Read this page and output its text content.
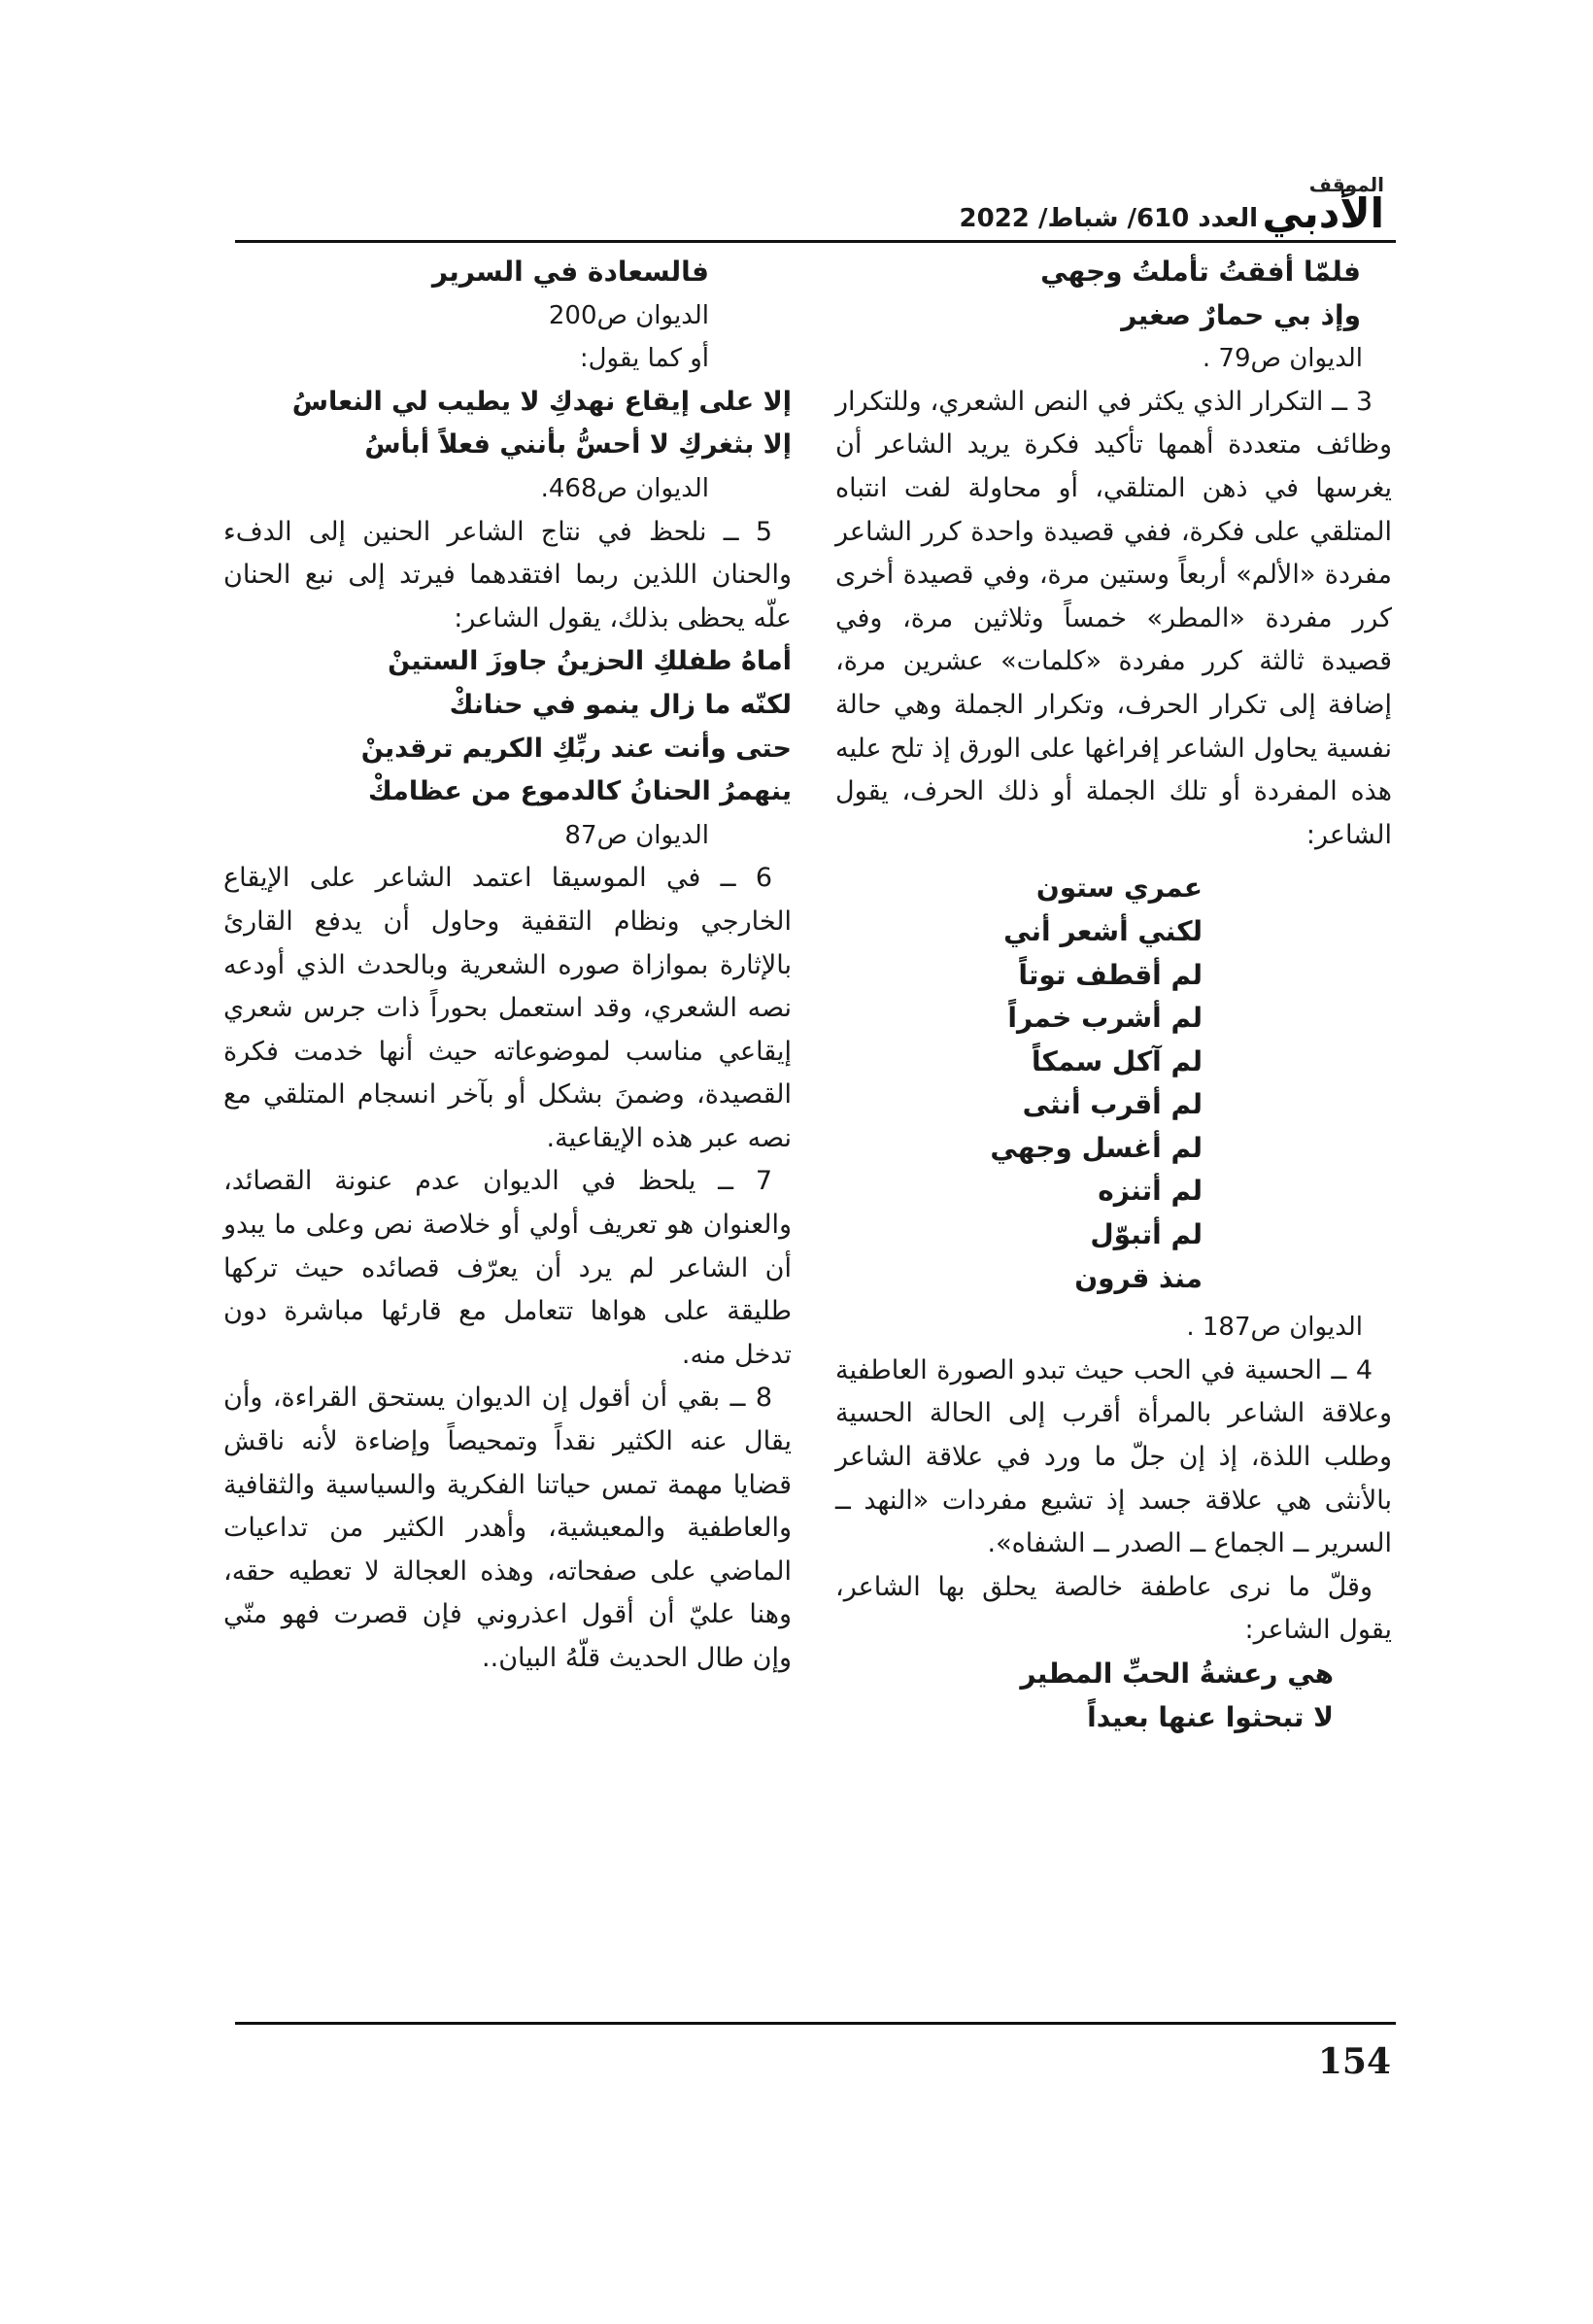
الموقف
الأدبي
العدد 610/ شباط/ 2022

فلمّا أفقتُ تأملتُ وجهي

وإذ بي حمارٌ صغير

الديوان ص79 .

3 ــ التكرار الذي يكثر في النص الشعري، وللتكرار وظائف متعددة أهمها تأكيد فكرة يريد الشاعر أن يغرسها في ذهن المتلقي، أو محاولة لفت انتباه المتلقي على فكرة، ففي قصيدة واحدة كرر الشاعر مفردة «الألم» أربعاً وستين مرة، وفي قصيدة أخرى كرر مفردة «المطر» خمساً وثلاثين مرة، وفي قصيدة ثالثة كرر مفردة «كلمات» عشرين مرة، إضافة إلى تكرار الحرف، وتكرار الجملة وهي حالة نفسية يحاول الشاعر إفراغها على الورق إذ تلح عليه هذه المفردة أو تلك الجملة أو ذلك الحرف، يقول الشاعر:

عمري ستون

لكني أشعر أني

لم أقطف توتاً

لم أشرب خمراً

لم آكل سمكاً

لم أقرب أنثى

لم أغسل وجهي

لم أتنزه

لم أتبوّل

منذ قرون

الديوان ص187 .

4 ــ الحسية في الحب حيث تبدو الصورة العاطفية وعلاقة الشاعر بالمرأة أقرب إلى الحالة الحسية وطلب اللذة، إذ إن جلّ ما ورد في علاقة الشاعر بالأنثى هي علاقة جسد إذ تشيع مفردات «النهد ــ السرير ــ الجماع ــ الصدر ــ الشفاه».

وقلّ ما نرى عاطفة خالصة يحلق بها الشاعر، يقول الشاعر:

هي رعشةُ الحبِّ المطير

لا تبحثوا عنها بعيداً

فالسعادة في السرير

الديوان ص200

أو كما يقول:

إلا على إيقاع نهدكِ لا يطيب لي النعاسُ

إلا بثغركِ لا أحسُّ بأنني فعلاً أبأسُ

الديوان ص468.

5 ــ نلحظ في نتاج الشاعر الحنين إلى الدفء والحنان اللذين ربما افتقدهما فيرتد إلى نبع الحنان علّه يحظى بذلك، يقول الشاعر:

أماهُ طفلكِ الحزينُ جاوزَ الستينْ

لكنّه ما زال ينمو في حنانكْ

حتى وأنت عند ربِّكِ الكريم ترقدينْ

ينهمرُ الحنانُ كالدموع من عظامكْ

الديوان ص87

6 ــ في الموسيقا اعتمد الشاعر على الإيقاع الخارجي ونظام التقفية وحاول أن يدفع القارئ بالإثارة بموازاة صوره الشعرية وبالحدث الذي أودعه نصه الشعري، وقد استعمل بحوراً ذات جرس شعري إيقاعي مناسب لموضوعاته حيث أنها خدمت فكرة القصيدة، وضمنَ بشكل أو بآخر انسجام المتلقي مع نصه عبر هذه الإيقاعية.

7 ــ يلحظ في الديوان عدم عنونة القصائد، والعنوان هو تعريف أولي أو خلاصة نص وعلى ما يبدو أن الشاعر لم يرد أن يعرّف قصائده حيث تركها طليقة على هواها تتعامل مع قارئها مباشرة دون تدخل منه.

8 ــ بقي أن أقول إن الديوان يستحق القراءة، وأن يقال عنه الكثير نقداً وتمحيصاً وإضاءة لأنه ناقش قضايا مهمة تمس حياتنا الفكرية والسياسية والثقافية والعاطفية والمعيشية، وأهدر الكثير من تداعيات الماضي على صفحاته، وهذه العجالة لا تعطيه حقه، وهنا عليّ أن أقول اعذروني فإن قصرت فهو منّي وإن طال الحديث قلّهُ البيان..

154
